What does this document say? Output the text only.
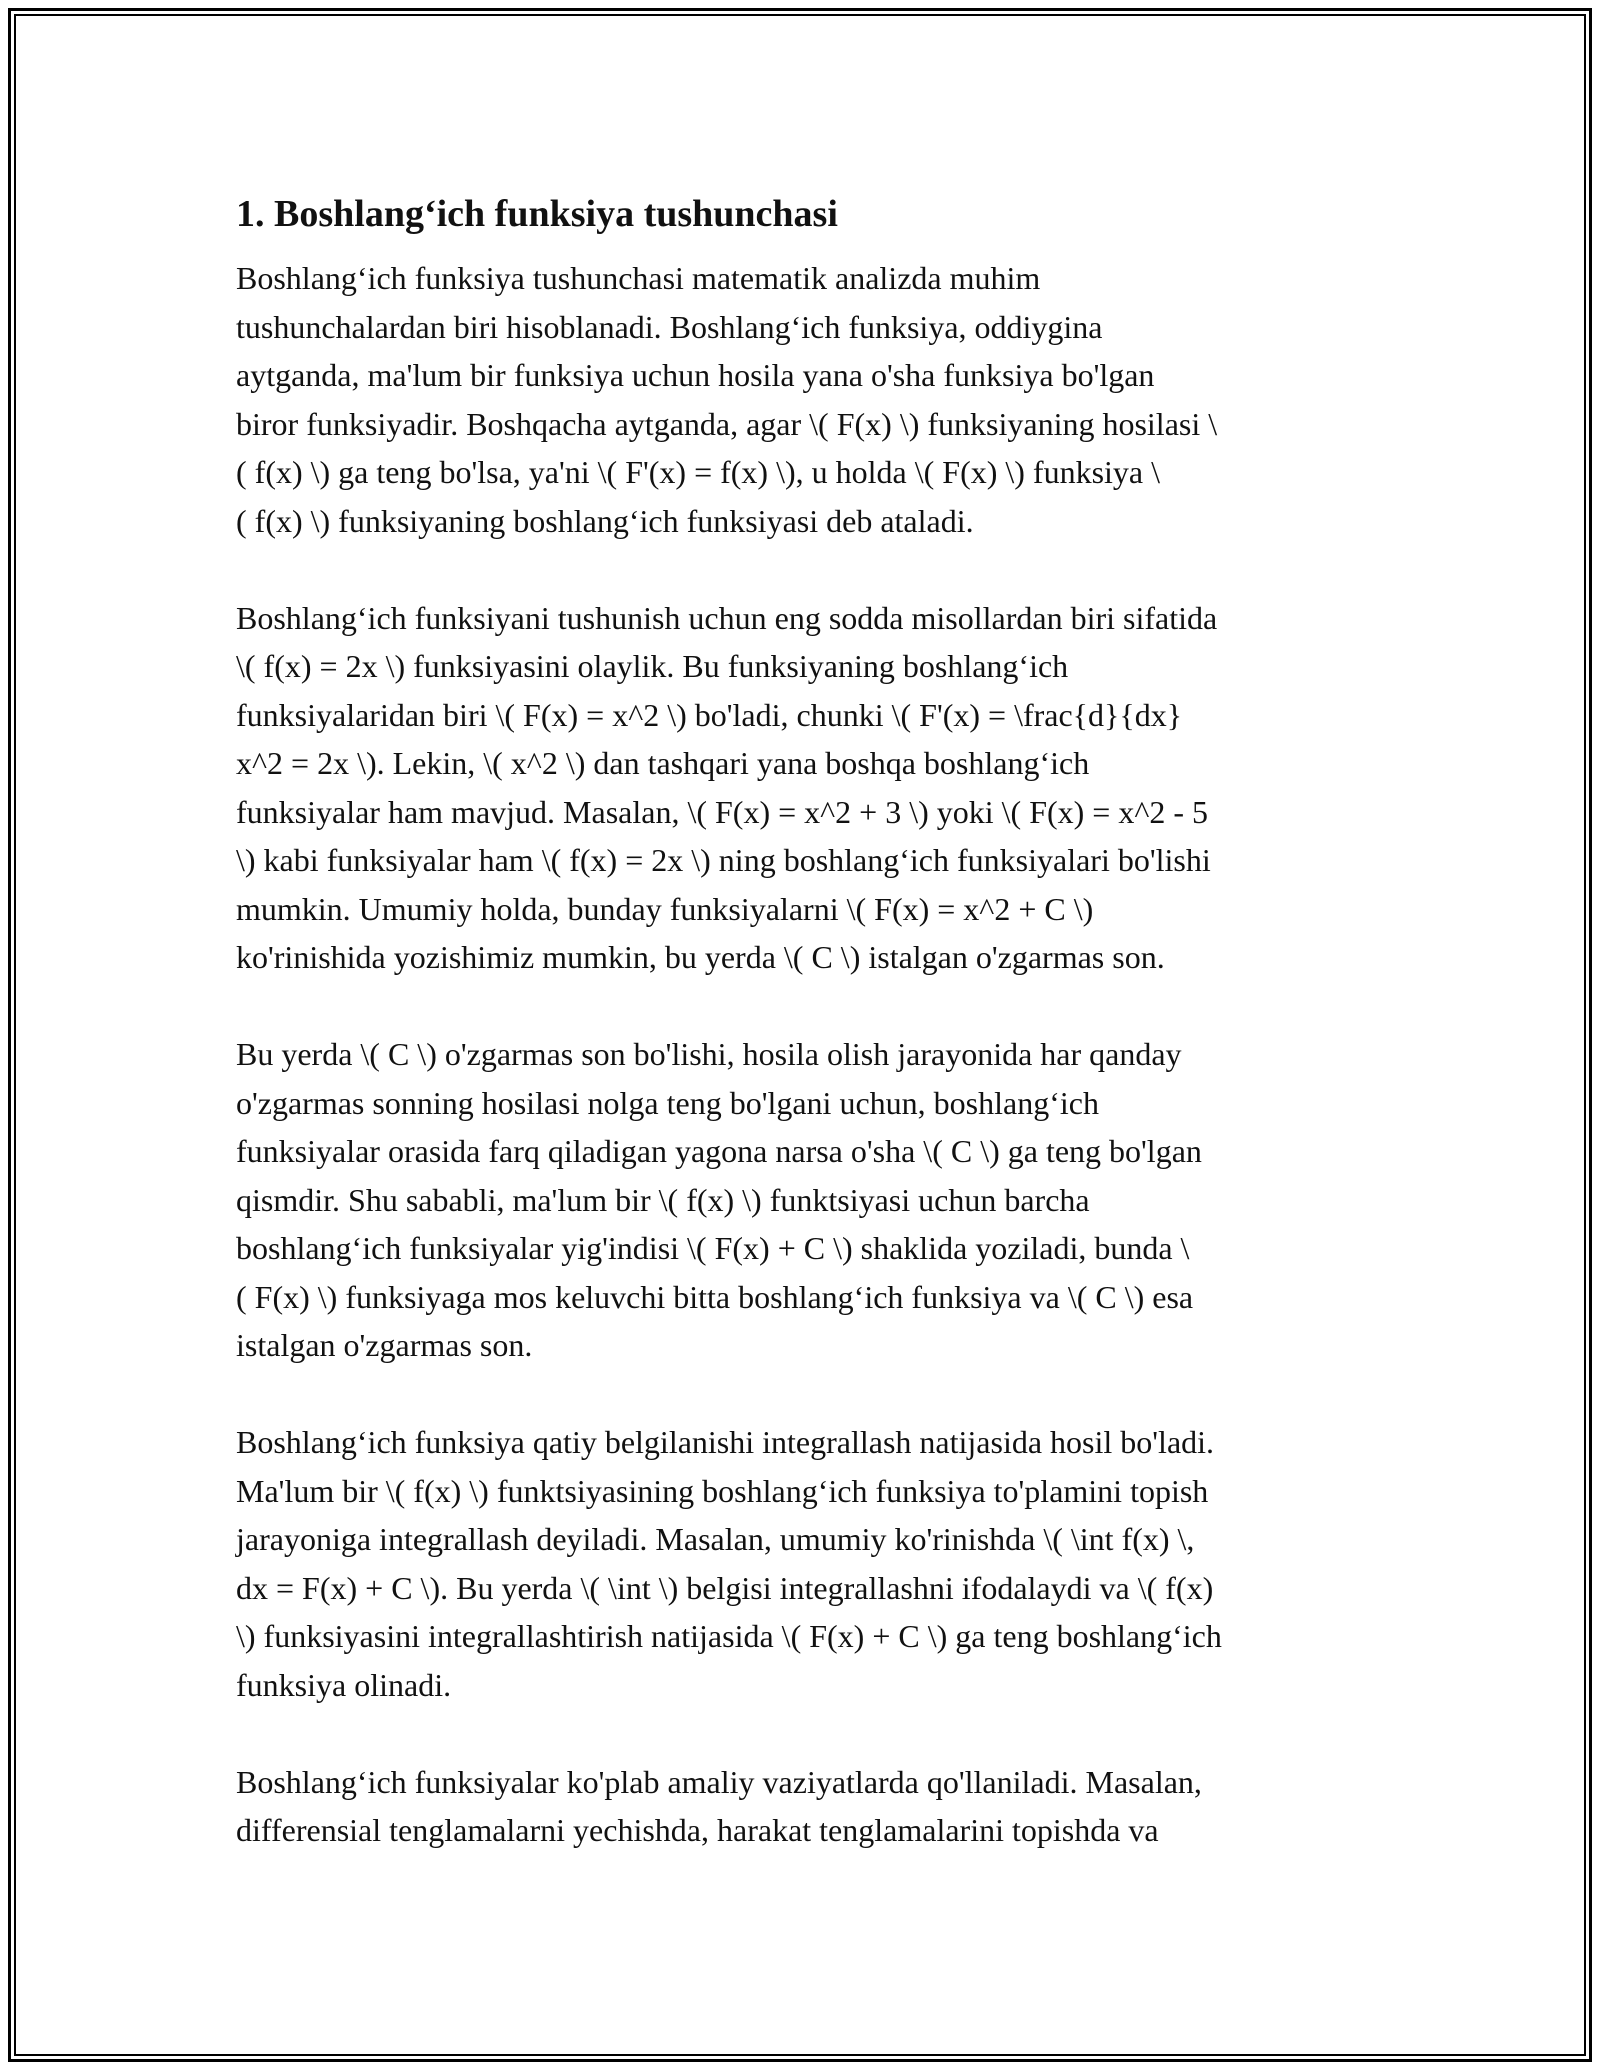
1. Boshlang‘ich funksiya tushunchasi

Boshlang‘ich funksiya tushunchasi matematik analizda muhim
tushunchalardan biri hisoblanadi. Boshlang‘ich funksiya, oddiygina
aytganda, ma'lum bir funksiya uchun hosila yana o'sha funksiya bo'lgan
biror funksiyadir. Boshqacha aytganda, agar \( F(x) \) funksiyaning hosilasi \
( f(x) \) ga teng bo'lsa, ya'ni \( F'(x) = f(x) \), u holda \( F(x) \) funksiya \
( f(x) \) funksiyaning boshlang‘ich funksiyasi deb ataladi.

Boshlang‘ich funksiyani tushunish uchun eng sodda misollardan biri sifatida
\( f(x) = 2x \) funksiyasini olaylik. Bu funksiyaning boshlang‘ich
funksiyalaridan biri \( F(x) = x^2 \) bo'ladi, chunki \( F'(x) = \frac{d}{dx}
x^2 = 2x \). Lekin, \( x^2 \) dan tashqari yana boshqa boshlang‘ich
funksiyalar ham mavjud. Masalan, \( F(x) = x^2 + 3 \) yoki \( F(x) = x^2 - 5
\) kabi funksiyalar ham \( f(x) = 2x \) ning boshlang‘ich funksiyalari bo'lishi
mumkin. Umumiy holda, bunday funksiyalarni \( F(x) = x^2 + C \)
ko'rinishida yozishimiz mumkin, bu yerda \( C \) istalgan o'zgarmas son.

Bu yerda \( C \) o'zgarmas son bo'lishi, hosila olish jarayonida har qanday
o'zgarmas sonning hosilasi nolga teng bo'lgani uchun, boshlang‘ich
funksiyalar orasida farq qiladigan yagona narsa o'sha \( C \) ga teng bo'lgan
qismdir. Shu sababli, ma'lum bir \( f(x) \) funktsiyasi uchun barcha
boshlang‘ich funksiyalar yig'indisi \( F(x) + C \) shaklida yoziladi, bunda \
( F(x) \) funksiyaga mos keluvchi bitta boshlang‘ich funksiya va \( C \) esa
istalgan o'zgarmas son.

Boshlang‘ich funksiya qatiy belgilanishi integrallash natijasida hosil bo'ladi.
Ma'lum bir \( f(x) \) funktsiyasining boshlang‘ich funksiya to'plamini topish
jarayoniga integrallash deyiladi. Masalan, umumiy ko'rinishda \( \int f(x) \,
dx = F(x) + C \). Bu yerda \( \int \) belgisi integrallashni ifodalaydi va \( f(x)
\) funksiyasini integrallashtirish natijasida \( F(x) + C \) ga teng boshlang‘ich
funksiya olinadi.

Boshlang‘ich funksiyalar ko'plab amaliy vaziyatlarda qo'llaniladi. Masalan,
differensial tenglamalarni yechishda, harakat tenglamalarini topishda va
